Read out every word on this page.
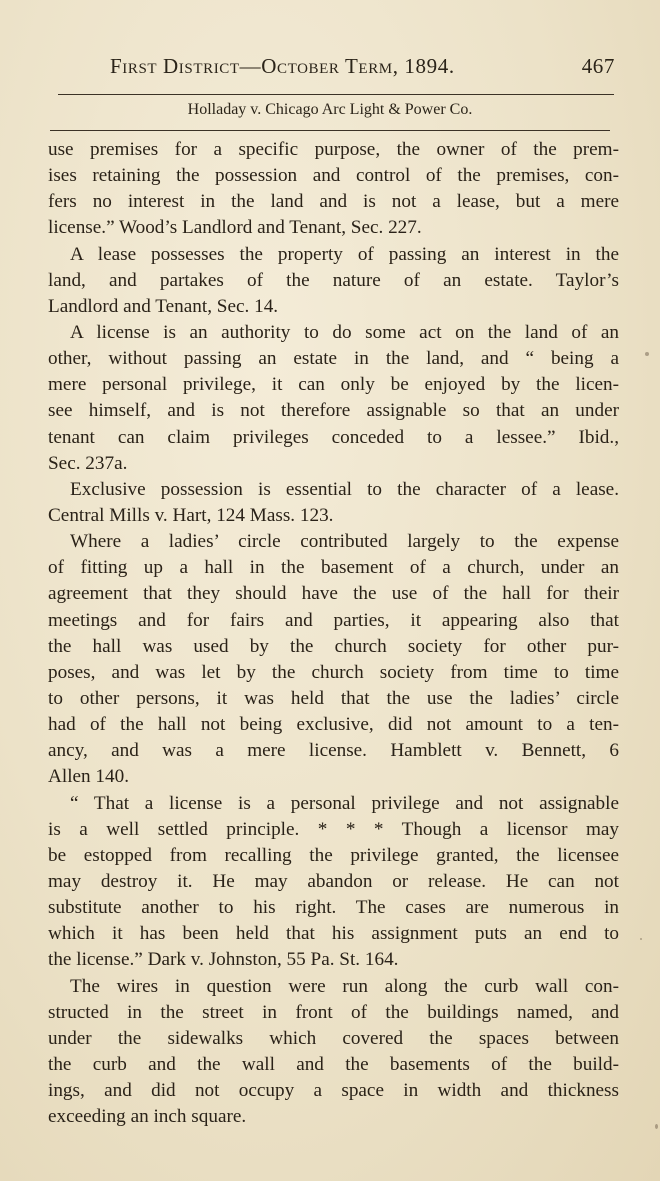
First District—October Term, 1894.	467
Holladay v. Chicago Arc Light & Power Co.
use premises for a specific purpose, the owner of the prem-
ises retaining the possession and control of the premises, con-
fers no interest in the land and is not a lease, but a mere
license.” Wood’s Landlord and Tenant, Sec. 227.
A lease possesses the property of passing an interest in the
land, and partakes of the nature of an estate. Taylor’s
Landlord and Tenant, Sec. 14.
A license is an authority to do some act on the land of an
other, without passing an estate in the land, and “ being a
mere personal privilege, it can only be enjoyed by the licen-
see himself, and is not therefore assignable so that an under
tenant can claim privileges conceded to a lessee.” Ibid.,
Sec. 237a.
Exclusive possession is essential to the character of a lease.
Central Mills v. Hart, 124 Mass. 123.
Where a ladies’ circle contributed largely to the expense
of fitting up a hall in the basement of a church, under an
agreement that they should have the use of the hall for their
meetings and for fairs and parties, it appearing also that
the hall was used by the church society for other pur-
poses, and was let by the church society from time to time
to other persons, it was held that the use the ladies’ circle
had of the hall not being exclusive, did not amount to a ten-
ancy, and was a mere license. Hamblett v. Bennett, 6
Allen 140.
“ That a license is a personal privilege and not assignable
is a well settled principle. * * * Though a licensor may
be estopped from recalling the privilege granted, the licensee
may destroy it. He may abandon or release. He can not
substitute another to his right. The cases are numerous in
which it has been held that his assignment puts an end to
the license.” Dark v. Johnston, 55 Pa. St. 164.
The wires in question were run along the curb wall con-
structed in the street in front of the buildings named, and
under the sidewalks which covered the spaces between
the curb and the wall and the basements of the build-
ings, and did not occupy a space in width and thickness
exceeding an inch square.
